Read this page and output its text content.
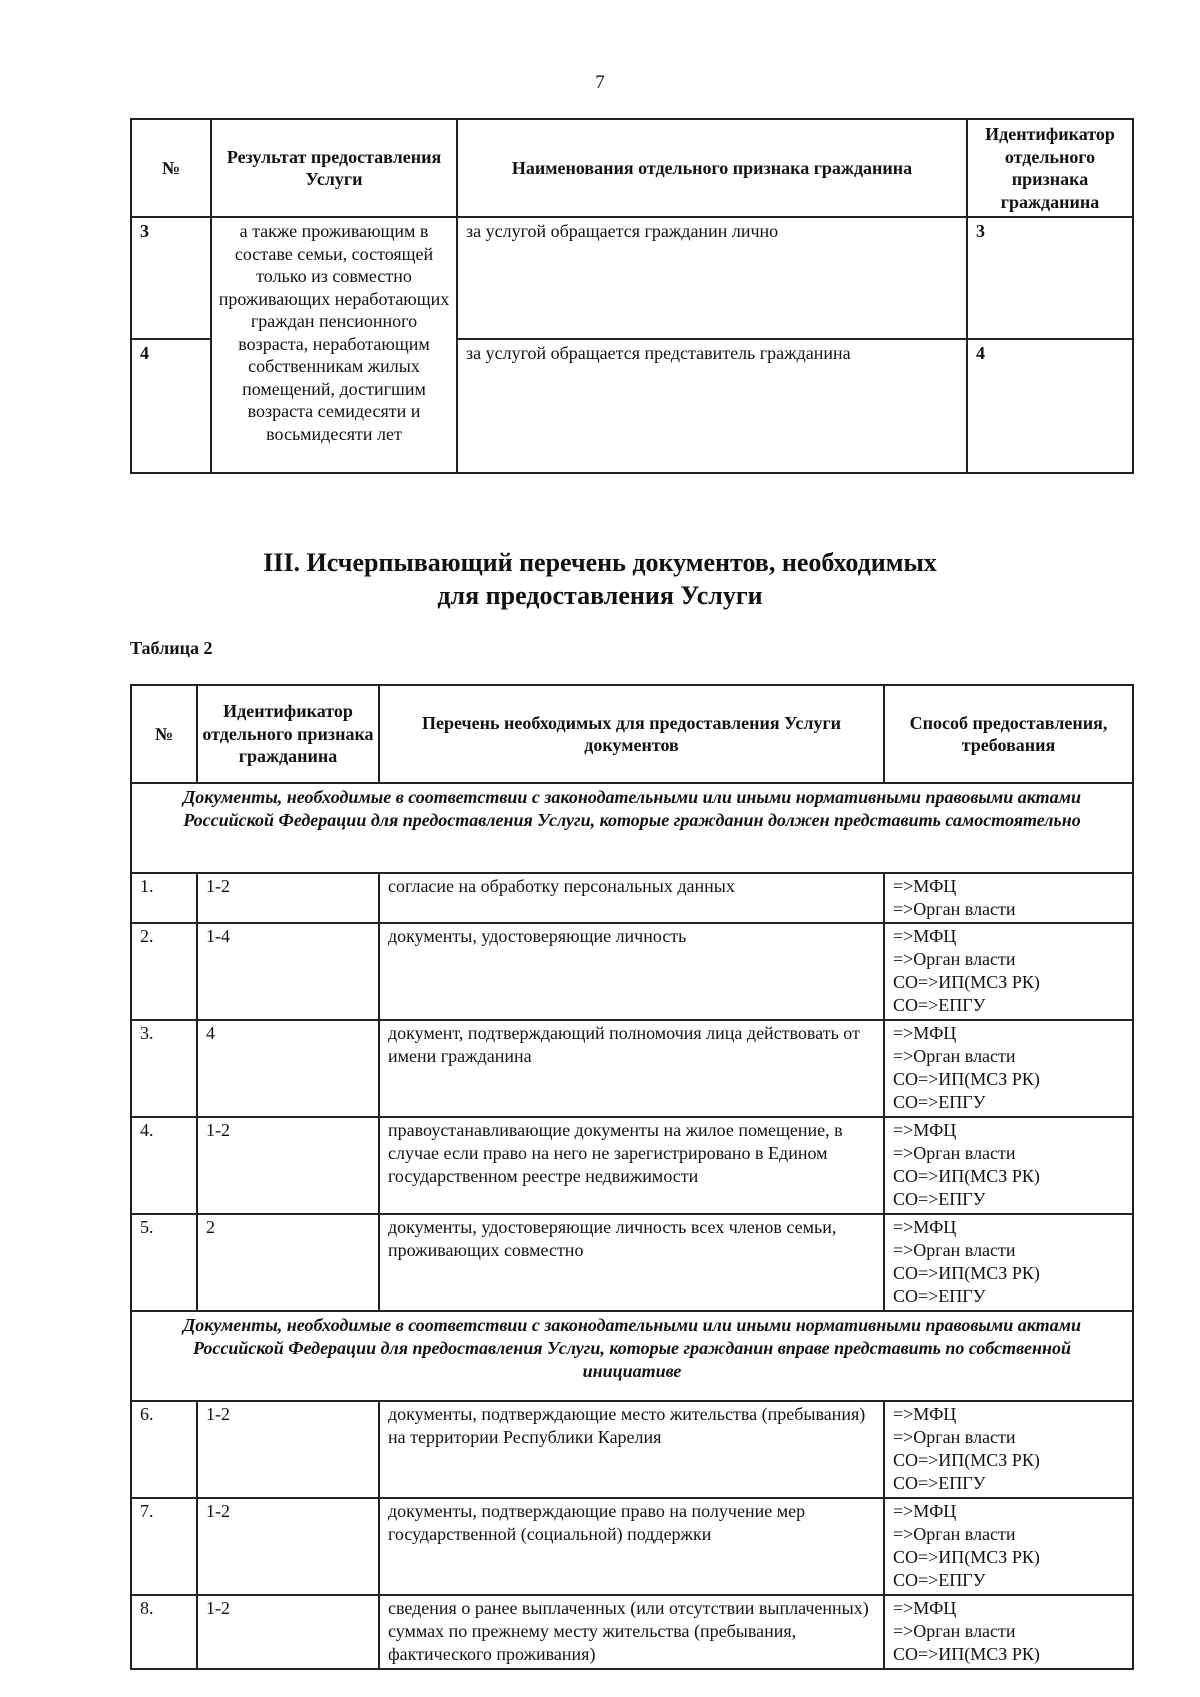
7
№	Результат предоставления Услуги	Наименования отдельного признака гражданина	Идентификатор отдельного признака гражданина
3	а также проживающим в составе семьи, состоящей только из совместно проживающих неработающих граждан пенсионного возраста, неработающим собственникам жилых помещений, достигшим возраста семидесяти и восьмидесяти лет	за услугой обращается гражданин лично	3
4		за услугой обращается представитель гражданина	4
III. Исчерпывающий перечень документов, необходимых
для предоставления Услуги
Таблица 2
№	Идентификатор отдельного признака гражданина	Перечень необходимых для предоставления Услуги документов	Способ предоставления, требования
Документы, необходимые в соответствии с законодательными или иными нормативными правовыми актами Российской Федерации для предоставления Услуги, которые гражданин должен представить самостоятельно			
1.	1-2	согласие на обработку персональных данных	=>МФЦ
=>Орган власти

2.	1-4	документы, удостоверяющие личность	=>МФЦ
=>Орган власти
СО=>ИП(МСЗ РК)
СО=>ЕПГУ

3.	4	документ, подтверждающий полномочия лица действовать от имени гражданина	=>МФЦ
=>Орган власти
СО=>ИП(МСЗ РК)
СО=>ЕПГУ

4.	1-2	правоустанавливающие документы на жилое помещение, в случае если право на него не зарегистрировано в Едином государственном реестре недвижимости	=>МФЦ
=>Орган власти
СО=>ИП(МСЗ РК)
СО=>ЕПГУ

5.	2	документы, удостоверяющие личность всех членов семьи, проживающих совместно	=>МФЦ
=>Орган власти
СО=>ИП(МСЗ РК)
СО=>ЕПГУ

Документы, необходимые в соответствии с законодательными или иными нормативными правовыми актами Российской Федерации для предоставления Услуги, которые гражданин вправе представить по собственной инициативе			
6.	1-2	документы, подтверждающие место жительства (пребывания) на территории Республики Карелия	=>МФЦ
=>Орган власти
СО=>ИП(МСЗ РК)
СО=>ЕПГУ

7.	1-2	документы, подтверждающие право на получение мер государственной (социальной) поддержки	=>МФЦ
=>Орган власти
СО=>ИП(МСЗ РК)
СО=>ЕПГУ

8.	1-2	сведения о ранее выплаченных (или отсутствии выплаченных) суммах по прежнему месту жительства (пребывания, фактического проживания)	=>МФЦ
=>Орган власти
СО=>ИП(МСЗ РК)
